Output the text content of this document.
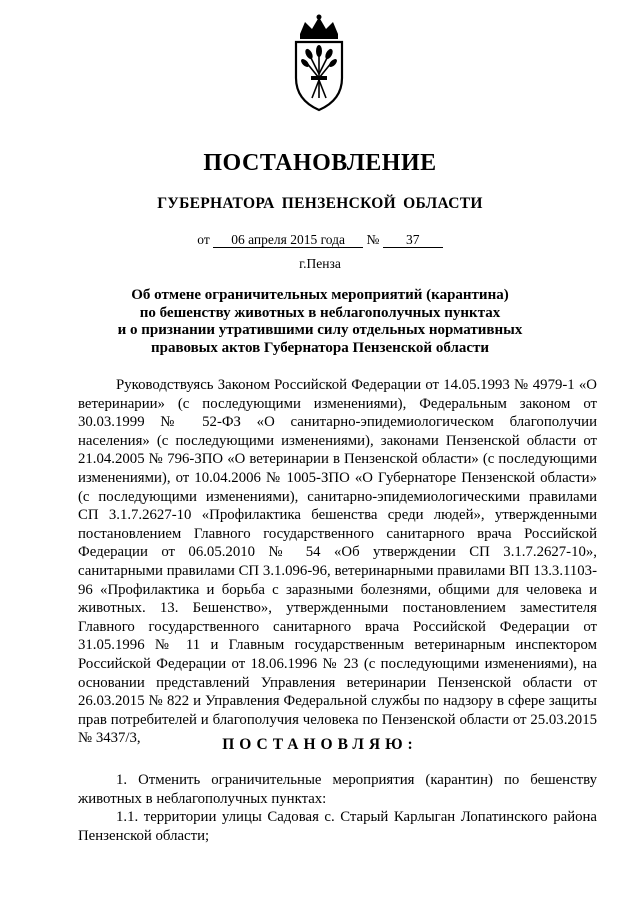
ПОСТАНОВЛЕНИЕ
ГУБЕРНАТОРА ПЕНЗЕНСКОЙ ОБЛАСТИ
от 06 апреля 2015 года № 37
г.Пенза
Об отмене ограничительных мероприятий (карантина)
по бешенству животных в неблагополучных пунктах
и о признании утратившими силу отдельных нормативных
правовых актов Губернатора Пензенской области

Руководствуясь Законом Российской Федерации от 14.05.1993 № 4979-1 «О ветеринарии» (с последующими изменениями), Федеральным законом от 30.03.1999 № 52-ФЗ «О санитарно-эпидемиологическом благополучии населения» (с последующими изменениями), законами Пензенской области от 21.04.2005 № 796-ЗПО «О ветеринарии в Пензенской области» (с последующими изменениями), от 10.04.2006 № 1005-ЗПО «О Губернаторе Пензенской области» (с последующими изменениями), санитарно-эпидемиологическими правилами СП 3.1.7.2627-10 «Профилактика бешенства среди людей», утвержденными постановлением Главного государственного санитарного врача Российской Федерации от 06.05.2010 № 54 «Об утверждении СП 3.1.7.2627-10», санитарными правилами СП 3.1.096-96, ветеринарными правилами ВП 13.3.1103-96 «Профилактика и борьба с заразными болезнями, общими для человека и животных. 13. Бешенство», утвержденными постановлением заместителя Главного государственного санитарного врача Российской Федерации от 31.05.1996 № 11 и Главным государственным ветеринарным инспектором Российской Федерации от 18.06.1996 № 23 (с последующими изменениями), на основании представлений Управления ветеринарии Пензенской области от 26.03.2015 № 822 и Управления Федеральной службы по надзору в сфере защиты прав потребителей и благополучия человека по Пензенской области от 25.03.2015 № 3437/3,	ПОСТАНОВЛЯЮ:

1. Отменить ограничительные мероприятия (карантин) по бешенству животных в неблагополучных пунктах:

1.1. территории улицы Садовая с. Старый Карлыган Лопатинского района Пензенской области;
